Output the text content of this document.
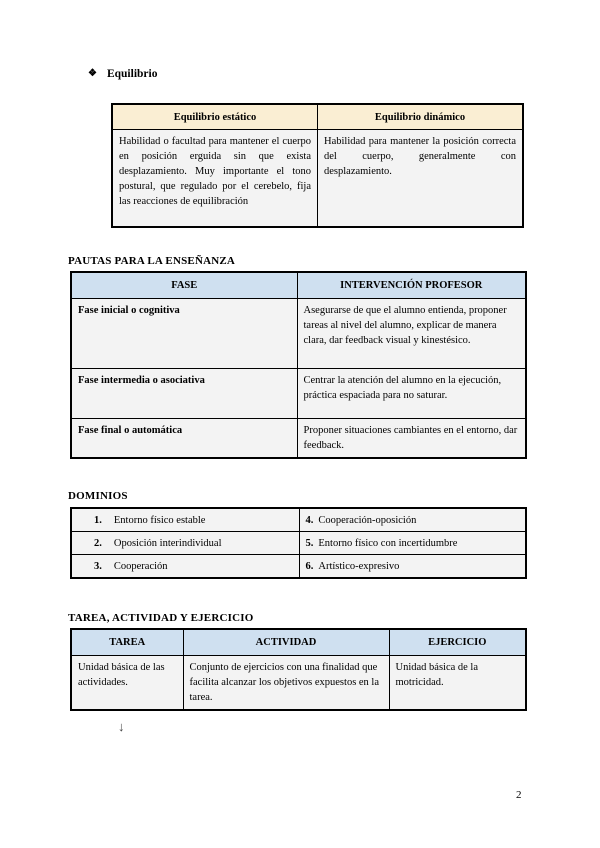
❖ Equilibrio
Equilibrio estático	Equilibrio dinámico
Habilidad o facultad para mantener el cuerpo en posición erguida sin que exista desplazamiento. Muy importante el tono postural, que regulado por el cerebelo, fija las reacciones de equilibración	Habilidad para mantener la posición correcta del cuerpo, generalmente con desplazamiento.
PAUTAS PARA LA ENSEÑANZA
FASE	INTERVENCIÓN PROFESOR
Fase inicial o cognitiva	Asegurarse de que el alumno entienda, proponer tareas al nivel del alumno, explicar de manera clara, dar feedback visual y kinestésico.
Fase intermedia o asociativa	Centrar la atención del alumno en la ejecución, práctica espaciada para no saturar.
Fase final o automática	Proponer situaciones cambiantes en el entorno, dar feedback.
DOMINIOS
1. Entorno físico estable	4. Cooperación-oposición
2. Oposición interindividual	5. Entorno físico con incertidumbre
3. Cooperación	6. Artístico-expresivo
TAREA, ACTIVIDAD Y EJERCICIO
TAREA	ACTIVIDAD	EJERCICIO
Unidad básica de las actividades.	Conjunto de ejercicios con una finalidad que facilita alcanzar los objetivos expuestos en la tarea.	Unidad básica de la motricidad.
↓
2
